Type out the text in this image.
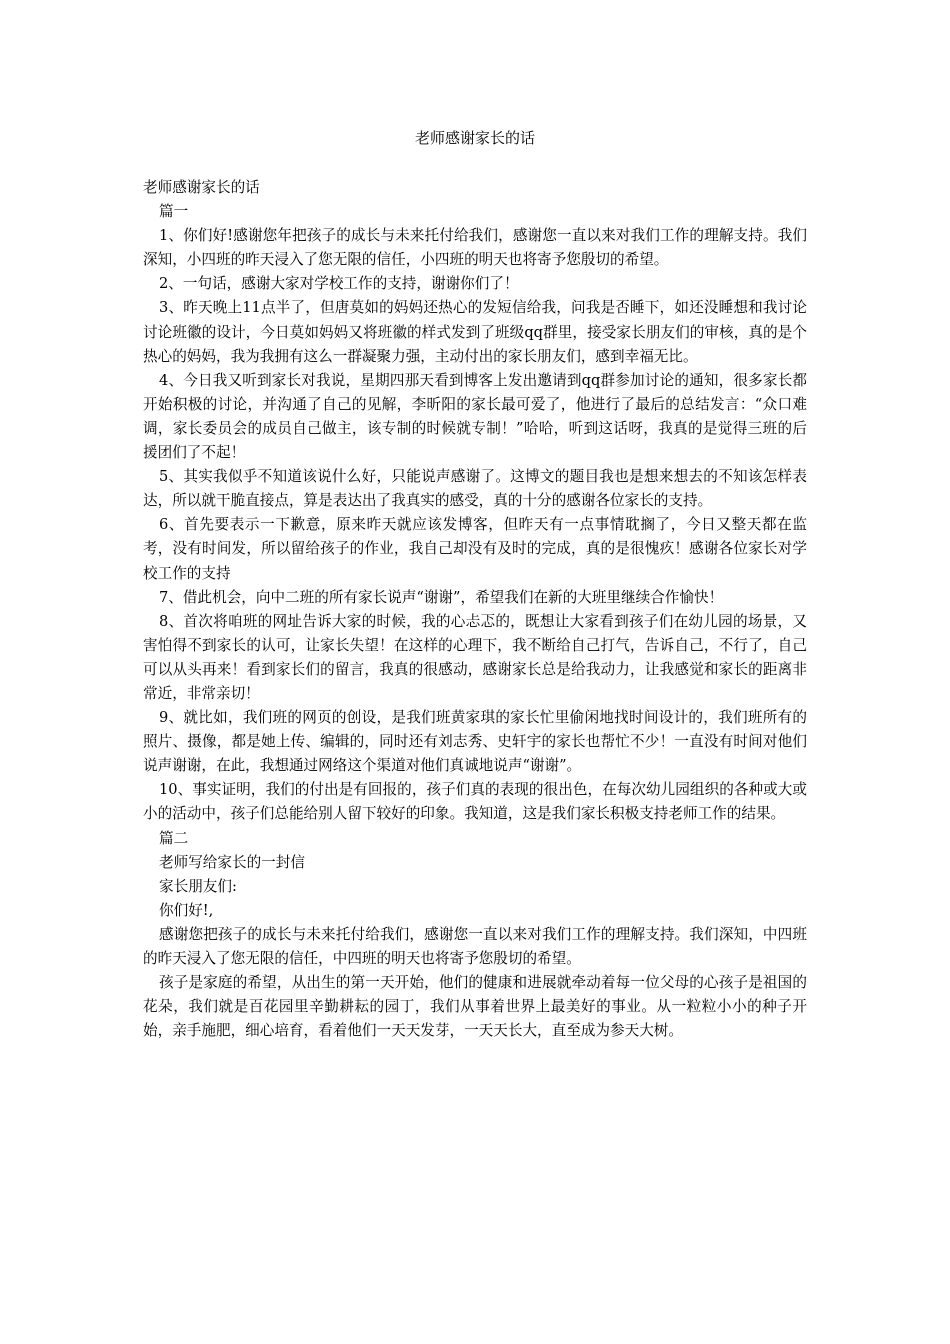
老师感谢家长的话

老师感谢家长的话

篇一

1、你们好!感谢您年把孩子的成长与未来托付给我们，感谢您一直以来对我们工作的理解支持。我们深知，小四班的昨天浸入了您无限的信任，小四班的明天也将寄予您殷切的希望。

2、一句话，感谢大家对学校工作的支持，谢谢你们了！

3、昨天晚上11点半了，但唐莫如的妈妈还热心的发短信给我，问我是否睡下，如还没睡想和我讨论讨论班徽的设计，今日莫如妈妈又将班徽的样式发到了班级qq群里，接受家长朋友们的审核，真的是个热心的妈妈，我为我拥有这么一群凝聚力强，主动付出的家长朋友们，感到幸福无比。

4、今日我又听到家长对我说，星期四那天看到博客上发出邀请到qq群参加讨论的通知，很多家长都开始积极的讨论，并沟通了自己的见解，李昕阳的家长最可爱了，他进行了最后的总结发言：“众口难调，家长委员会的成员自己做主，该专制的时候就专制！”哈哈，听到这话呀，我真的是觉得三班的后援团们了不起！

5、其实我似乎不知道该说什么好，只能说声感谢了。这博文的题目我也是想来想去的不知该怎样表达，所以就干脆直接点，算是表达出了我真实的感受，真的十分的感谢各位家长的支持。

6、首先要表示一下歉意，原来昨天就应该发博客，但昨天有一点事情耽搁了，今日又整天都在监考，没有时间发，所以留给孩子的作业，我自己却没有及时的完成，真的是很愧疚！感谢各位家长对学校工作的支持

7、借此机会，向中二班的所有家长说声“谢谢”，希望我们在新的大班里继续合作愉快！

8、首次将咱班的网址告诉大家的时候，我的心忐忑的，既想让大家看到孩子们在幼儿园的场景，又害怕得不到家长的认可，让家长失望！在这样的心理下，我不断给自己打气，告诉自己，不行了，自己可以从头再来！看到家长们的留言，我真的很感动，感谢家长总是给我动力，让我感觉和家长的距离非常近，非常亲切！

9、就比如，我们班的网页的创设，是我们班黄家琪的家长忙里偷闲地找时间设计的，我们班所有的照片、摄像，都是她上传、编辑的，同时还有刘志秀、史轩宇的家长也帮忙不少！一直没有时间对他们说声谢谢，在此，我想通过网络这个渠道对他们真诚地说声“谢谢”。

10、事实证明，我们的付出是有回报的，孩子们真的表现的很出色，在每次幼儿园组织的各种或大或小的活动中，孩子们总能给别人留下较好的印象。我知道，这是我们家长积极支持老师工作的结果。

篇二

老师写给家长的一封信

家长朋友们:

你们好!,

感谢您把孩子的成长与未来托付给我们，感谢您一直以来对我们工作的理解支持。我们深知，中四班的昨天浸入了您无限的信任，中四班的明天也将寄予您殷切的希望。

孩子是家庭的希望，从出生的第一天开始，他们的健康和进展就牵动着每一位父母的心孩子是祖国的花朵，我们就是百花园里辛勤耕耘的园丁，我们从事着世界上最美好的事业。从一粒粒小小的种子开始，亲手施肥，细心培育，看着他们一天天发芽，一天天长大，直至成为参天大树。
